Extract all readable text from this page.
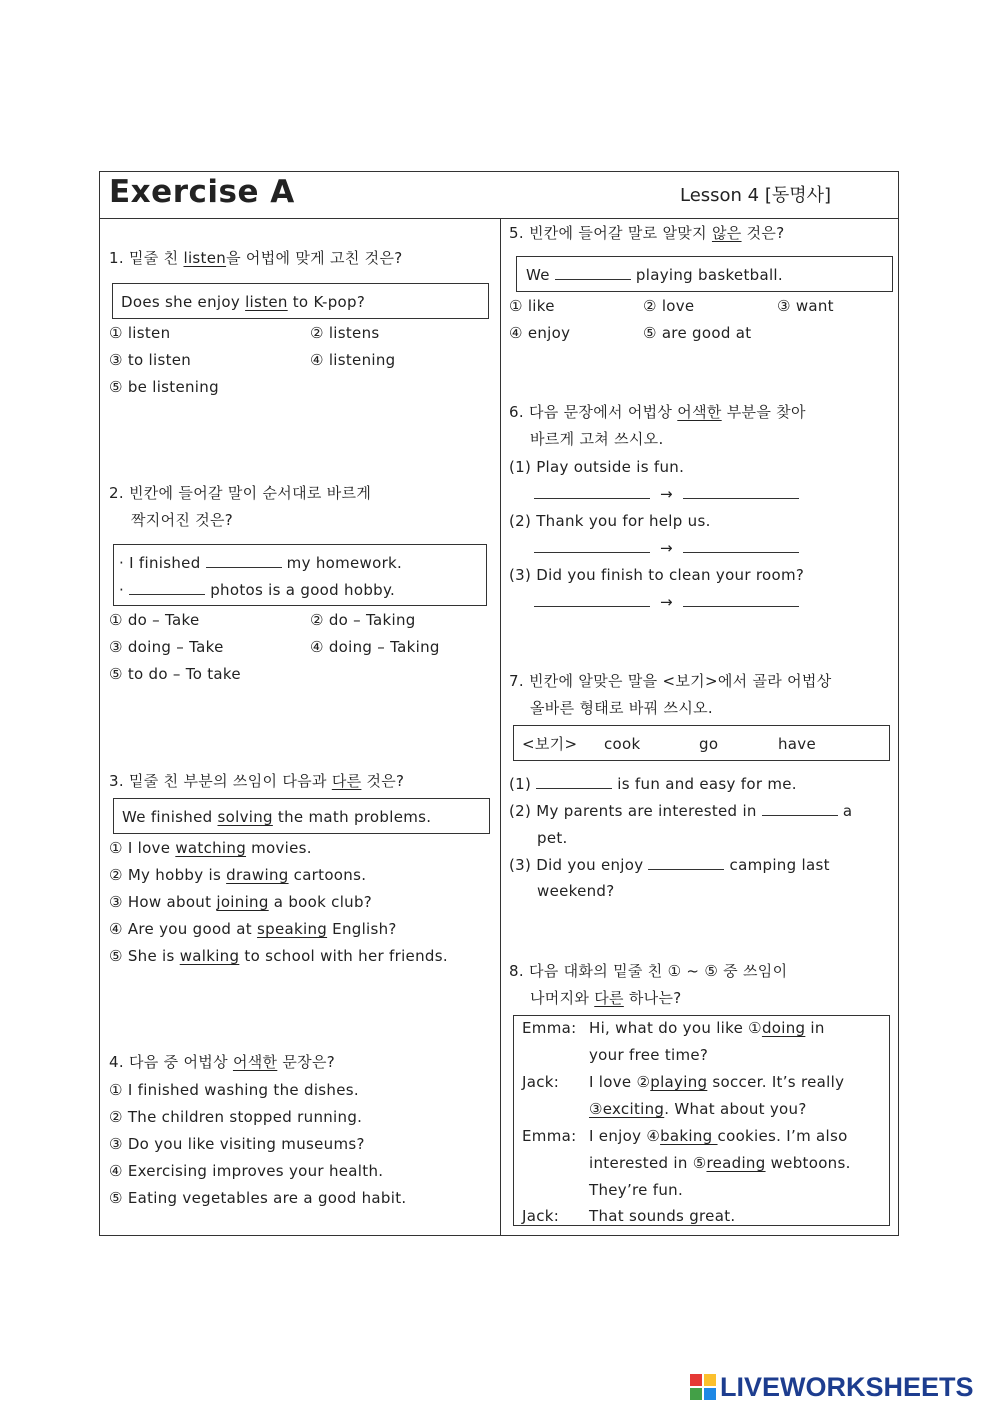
Exercise A	Lesson 4 [동명사]
1. 밑줄 친 listen을 어법에 맞게 고친 것은?
Does she enjoy listen to K-pop?
① listen	② listens
③ to listen	④ listening
⑤ be listening
2. 빈칸에 들어갈 말이 순서대로 바르게
짝지어진 것은?
· I finished	my homework.
·	photos is a good hobby.
① do – Take	② do – Taking
③ doing – Take	④ doing – Taking
⑤ to do – To take
3. 밑줄 친 부분의 쓰임이 다음과 다른 것은?
We finished solving the math problems.
① I love watching movies.
② My hobby is drawing cartoons.
③ How about joining a book club?
④ Are you good at speaking English?
⑤ She is walking to school with her friends.
4. 다음 중 어법상 어색한 문장은?
① I finished washing the dishes.
② The children stopped running.
③ Do you like visiting museums?
④ Exercising improves your health.
⑤ Eating vegetables are a good habit.
5. 빈칸에 들어갈 말로 알맞지 않은 것은?
We	playing basketball.
① like	② love	③ want
④ enjoy	⑤ are good at
6. 다음 문장에서 어법상 어색한 부분을 찾아
바르게 고쳐 쓰시오.
(1) Play outside is fun.
→
(2) Thank you for help us.
→
(3) Did you finish to clean your room?
→
7. 빈칸에 알맞은 말을 <보기>에서 골라 어법상
올바른 형태로 바꿔 쓰시오.
<보기> cook	go	have
(1)	is fun and easy for me.
(2) My parents are interested in	a
pet.
(3) Did you enjoy	camping last
weekend?
8. 다음 대화의 밑줄 친 ① ~ ⑤ 중 쓰임이
나머지와 다른 하나는?
Emma: Hi, what do you like ①doing in
your free time?
Jack: I love ②playing soccer. It’s really
③exciting. What about you?
Emma: I enjoy ④baking cookies. I’m also
interested in ⑤reading webtoons.
They’re fun.
Jack: That sounds great.
LIVEWORKSHEETS
